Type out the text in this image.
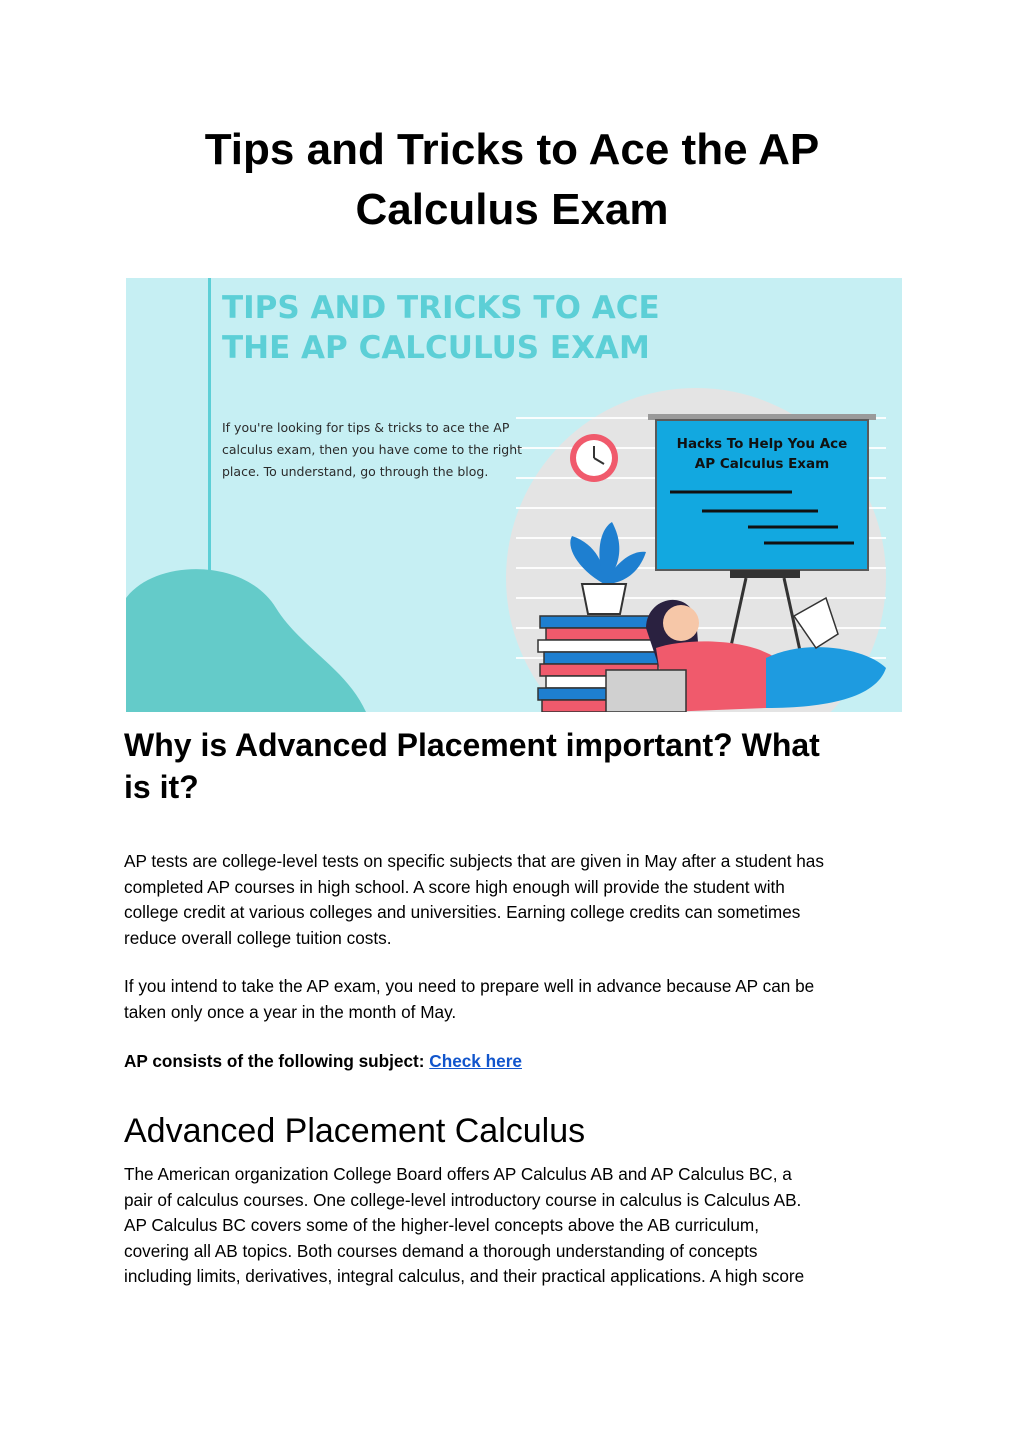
Tips and Tricks to Ace the AP
Calculus Exam
TIPS AND TRICKS TO ACE
THE AP CALCULUS EXAM
If you're looking for tips & tricks to ace the AP
calculus exam, then you have come to the right
place. To understand, go through the blog.
Hacks To Help You Ace
AP Calculus Exam
Why is Advanced Placement important? What
is it?

AP tests are college-level tests on specific subjects that are given in May after a student has
completed AP courses in high school. A score high enough will provide the student with
college credit at various colleges and universities. Earning college credits can sometimes
reduce overall college tuition costs.

If you intend to take the AP exam, you need to prepare well in advance because AP can be
taken only once a year in the month of May.

AP consists of the following subject: Check here

Advanced Placement Calculus

The American organization College Board offers AP Calculus AB and AP Calculus BC, a
pair of calculus courses. One college-level introductory course in calculus is Calculus AB.
AP Calculus BC covers some of the higher-level concepts above the AB curriculum,
covering all AB topics. Both courses demand a thorough understanding of concepts
including limits, derivatives, integral calculus, and their practical applications. A high score
